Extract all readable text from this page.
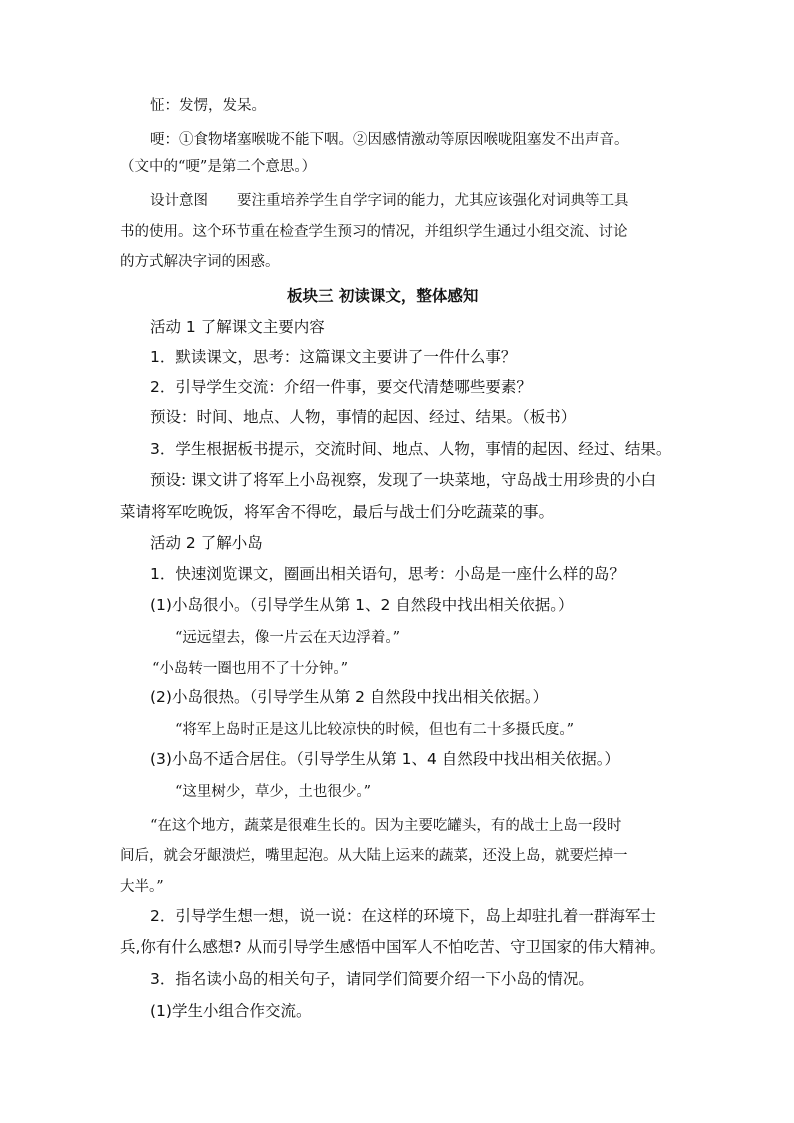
怔：发愣，发呆。

哽：①食物堵塞喉咙不能下咽。②因感情激动等原因喉咙阻塞发不出声音。

（文中的“哽”是第二个意思。）

设计意图　　要注重培养学生自学字词的能力，尤其应该强化对词典等工具

书的使用。这个环节重在检查学生预习的情况，并组织学生通过小组交流、讨论

的方式解决字词的困惑。

板块三 初读课文，整体感知

活动 1 了解课文主要内容

1．默读课文，思考：这篇课文主要讲了一件什么事？

2．引导学生交流：介绍一件事，要交代清楚哪些要素？

预设：时间、地点、人物，事情的起因、经过、结果。（板书）

3．学生根据板书提示，交流时间、地点、人物，事情的起因、经过、结果。

预设: 课文讲了将军上小岛视察，发现了一块菜地，守岛战士用珍贵的小白

菜请将军吃晚饭，将军舍不得吃，最后与战士们分吃蔬菜的事。

活动 2 了解小岛

1．快速浏览课文，圈画出相关语句，思考：小岛是一座什么样的岛？

(1)小岛很小。（引导学生从第 1、2 自然段中找出相关依据。）

“远远望去，像一片云在天边浮着。”

“小岛转一圈也用不了十分钟。”

(2)小岛很热。（引导学生从第 2 自然段中找出相关依据。）

“将军上岛时正是这儿比较凉快的时候，但也有二十多摄氏度。”

(3)小岛不适合居住。（引导学生从第 1、4 自然段中找出相关依据。）

“这里树少，草少，土也很少。”

“在这个地方，蔬菜是很难生长的。因为主要吃罐头，有的战士上岛一段时

间后，就会牙龈溃烂，嘴里起泡。从大陆上运来的蔬菜，还没上岛，就要烂掉一

大半。”

2．引导学生想一想，说一说：在这样的环境下，岛上却驻扎着一群海军士

兵,你有什么感想? 从而引导学生感悟中国军人不怕吃苦、守卫国家的伟大精神。

3．指名读小岛的相关句子，请同学们简要介绍一下小岛的情况。

(1)学生小组合作交流。
